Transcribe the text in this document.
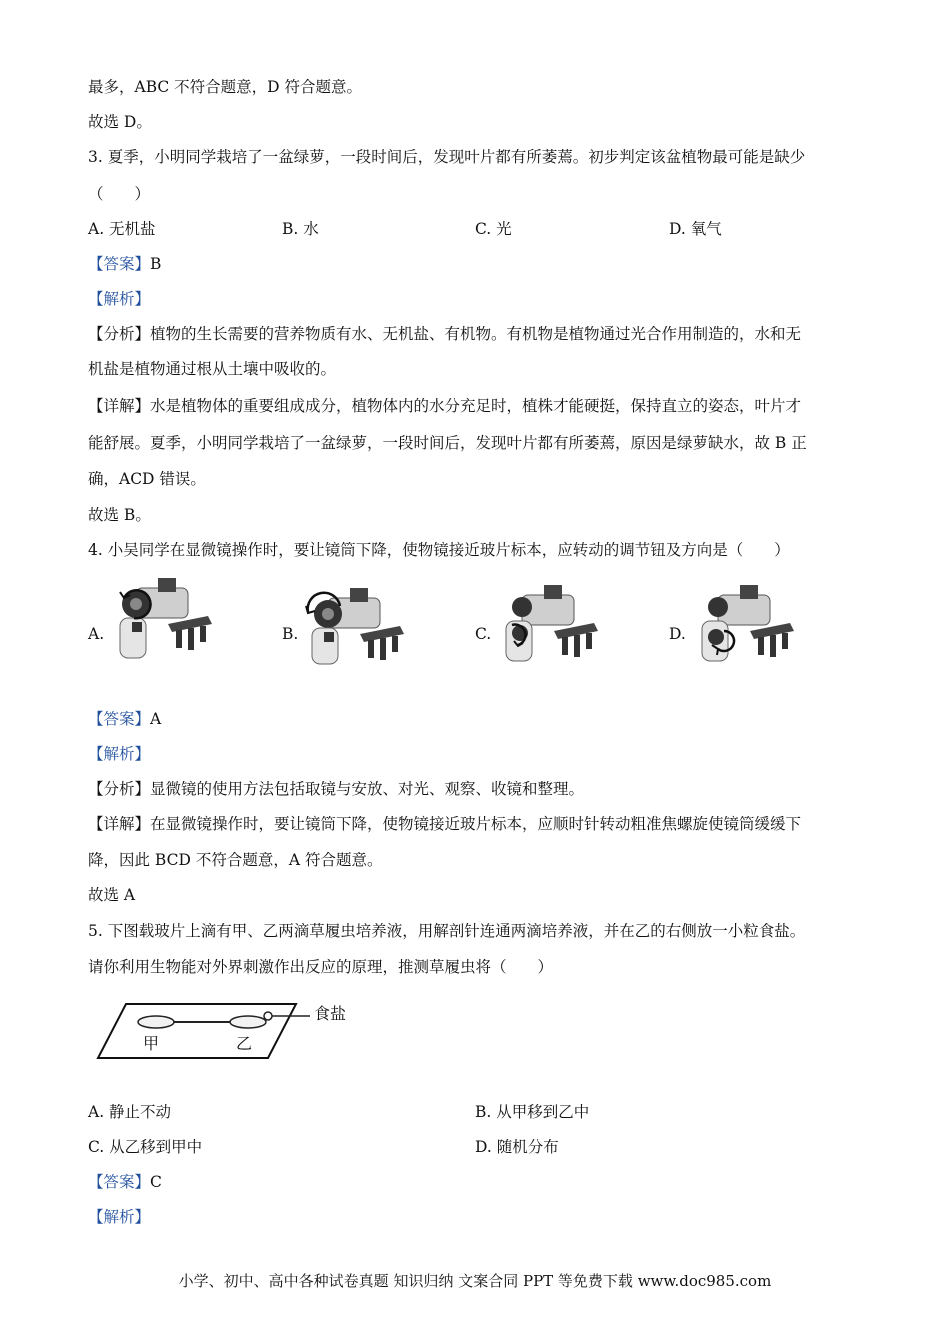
最多，ABC 不符合题意，D 符合题意。
故选 D。
3. 夏季，小明同学栽培了一盆绿萝，一段时间后，发现叶片都有所萎蔫。初步判定该盆植物最可能是缺少
（　　）
A. 无机盐	B. 水	C. 光	D. 氧气
【答案】B
【解析】
【分析】植物的生长需要的营养物质有水、无机盐、有机物。有机物是植物通过光合作用制造的，水和无
机盐是植物通过根从土壤中吸收的。
【详解】水是植物体的重要组成成分，植物体内的水分充足时，植株才能硬挺，保持直立的姿态，叶片才
能舒展。夏季，小明同学栽培了一盆绿萝，一段时间后，发现叶片都有所萎蔫，原因是绿萝缺水，故 B 正
确，ACD 错误。
故选 B。
4. 小吴同学在显微镜操作时，要让镜筒下降，使物镜接近玻片标本，应转动的调节钮及方向是（　　）
A.	B.	C.	D.
【答案】A
【解析】
【分析】显微镜的使用方法包括取镜与安放、对光、观察、收镜和整理。
【详解】在显微镜操作时，要让镜筒下降，使物镜接近玻片标本，应顺时针转动粗准焦螺旋使镜筒缓缓下
降，因此 BCD 不符合题意，A 符合题意。
故选 A
5. 下图载玻片上滴有甲、乙两滴草履虫培养液，用解剖针连通两滴培养液，并在乙的右侧放一小粒食盐。
请你利用生物能对外界刺激作出反应的原理，推测草履虫将（　　）
食盐
甲	乙
A. 静止不动	B. 从甲移到乙中
C. 从乙移到甲中	D. 随机分布
【答案】C
【解析】
小学、初中、高中各种试卷真题 知识归纳 文案合同 PPT 等免费下载 www.doc985.com
